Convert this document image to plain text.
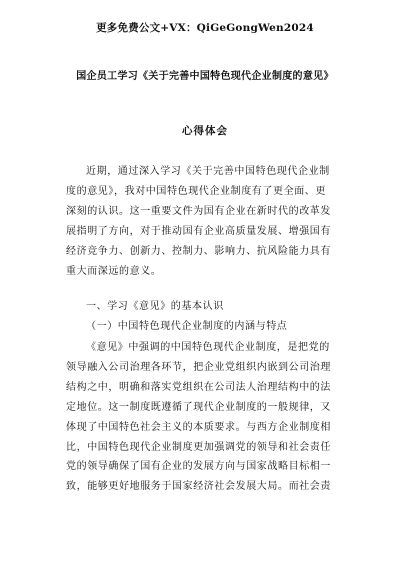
更多免费公文+VX：QiGeGongWen2024
国企员工学习《关于完善中国特色现代企业制度的意见》
心得体会
近期，通过深入学习《关于完善中国特色现代企业制
度的意见》，我对中国特色现代企业制度有了更全面、更
深刻的认识。这一重要文件为国有企业在新时代的改革发
展指明了方向，对于推动国有企业高质量发展、增强国有
经济竞争力、创新力、控制力、影响力、抗风险能力具有
重大而深远的意义。
一、学习《意见》的基本认识
（一）中国特色现代企业制度的内涵与特点
《意见》中强调的中国特色现代企业制度，是把党的
领导融入公司治理各环节，把企业党组织内嵌到公司治理
结构之中，明确和落实党组织在公司法人治理结构中的法
定地位。这一制度既遵循了现代企业制度的一般规律，又
体现了中国特色社会主义的本质要求。与西方企业制度相
比，中国特色现代企业制度更加强调党的领导和社会责任
党的领导确保了国有企业的发展方向与国家战略目标相一
致，能够更好地服务于国家经济社会发展大局。而社会责
